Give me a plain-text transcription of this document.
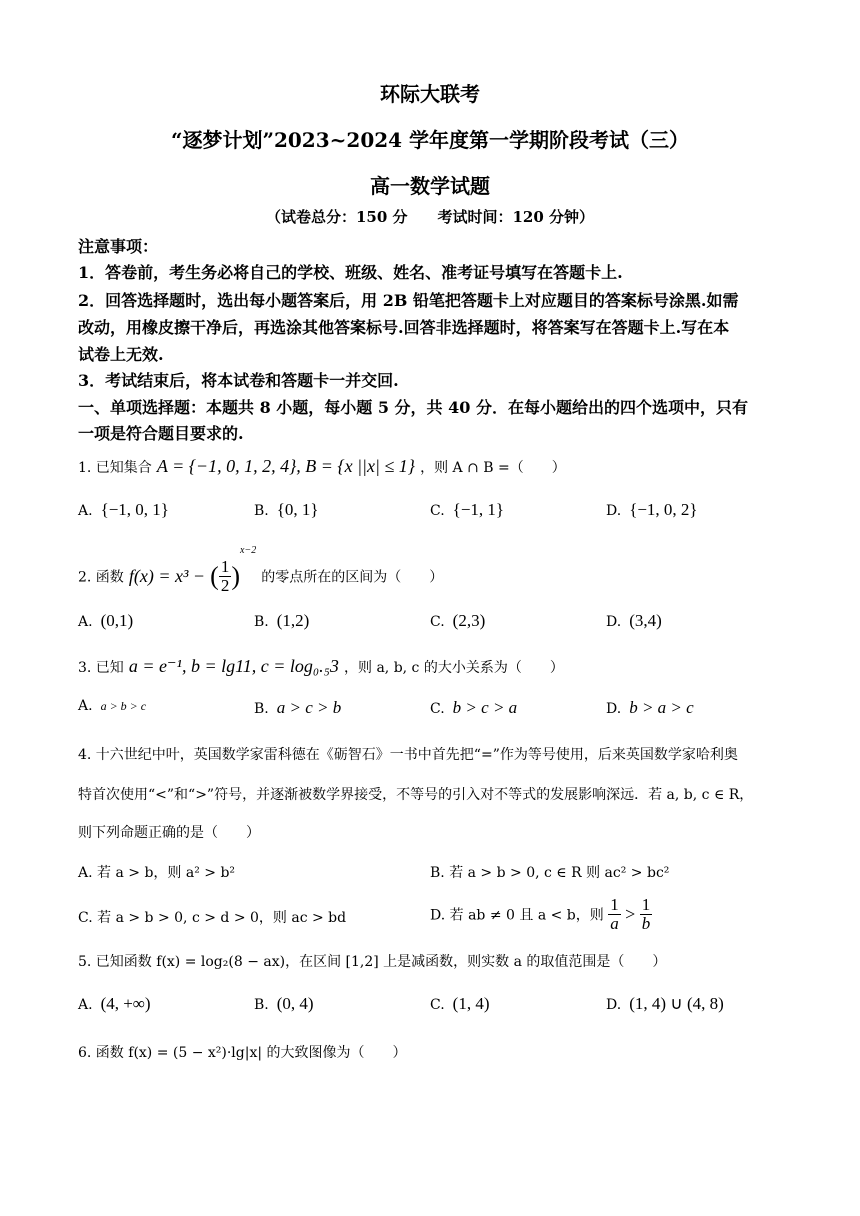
环际大联考
“逐梦计划”2023~2024 学年度第一学期阶段考试（三）
高一数学试题
（试卷总分：150 分　　考试时间：120 分钟）
注意事项：
1．答卷前，考生务必将自己的学校、班级、姓名、准考证号填写在答题卡上.
2．回答选择题时，选出每小题答案后，用 2B 铅笔把答题卡上对应题目的答案标号涂黑.如需
改动，用橡皮擦干净后，再选涂其他答案标号.回答非选择题时，将答案写在答题卡上.写在本
试卷上无效.
3．考试结束后，将本试卷和答题卡一并交回.
一、单项选择题：本题共 8 小题，每小题 5 分，共 40 分．在每小题给出的四个选项中，只有
一项是符合题目要求的.
1. 已知集合 A = {−1, 0, 1, 2, 4}, B = {x ||x| ≤ 1} ，则 A ∩ B =（　　）
A. {−1, 0, 1}	B. {0, 1}	C. {−1, 1}	D. {−1, 0, 2}
2. 函数 f(x) = x³ − ( $\frac{1}{2} )^{x-2}$ 的零点所在的区间为（　　）
A. (0,1)	B. (1,2)	C. (2,3)	D. (3,4)
3. 已知 a = e⁻¹, b = lg11, c = log₀.₅3 ，则 a, b, c 的大小关系为（　　）
A. a > b > c	B. a > c > b	C. b > c > a	D. b > a > c
4. 十六世纪中叶，英国数学家雷科德在《砺智石》一书中首先把“=”作为等号使用，后来英国数学家哈利奥
特首次使用“<”和“>”符号，并逐渐被数学界接受，不等号的引入对不等式的发展影响深远．若 a, b, c ∈ R，
则下列命题正确的是（　　）
A. 若 a > b，则 a² > b²	B. 若 a > b > 0, c ∈ R 则 ac² > bc²
C. 若 a > b > 0, c > d > 0，则 ac > bd	D. 若 ab ≠ 0 且 a < b，则 $\frac{1}{a} > \frac{1}{b}$
5. 已知函数 f(x) = log₂(8 − ax)，在区间 [1,2] 上是减函数，则实数 a 的取值范围是（　　）
A. (4, +∞)	B. (0, 4)	C. (1, 4)	D. (1, 4) ∪ (4, 8)
6. 函数 f(x) = (5 − x²)·lg|x| 的大致图像为（　　）
